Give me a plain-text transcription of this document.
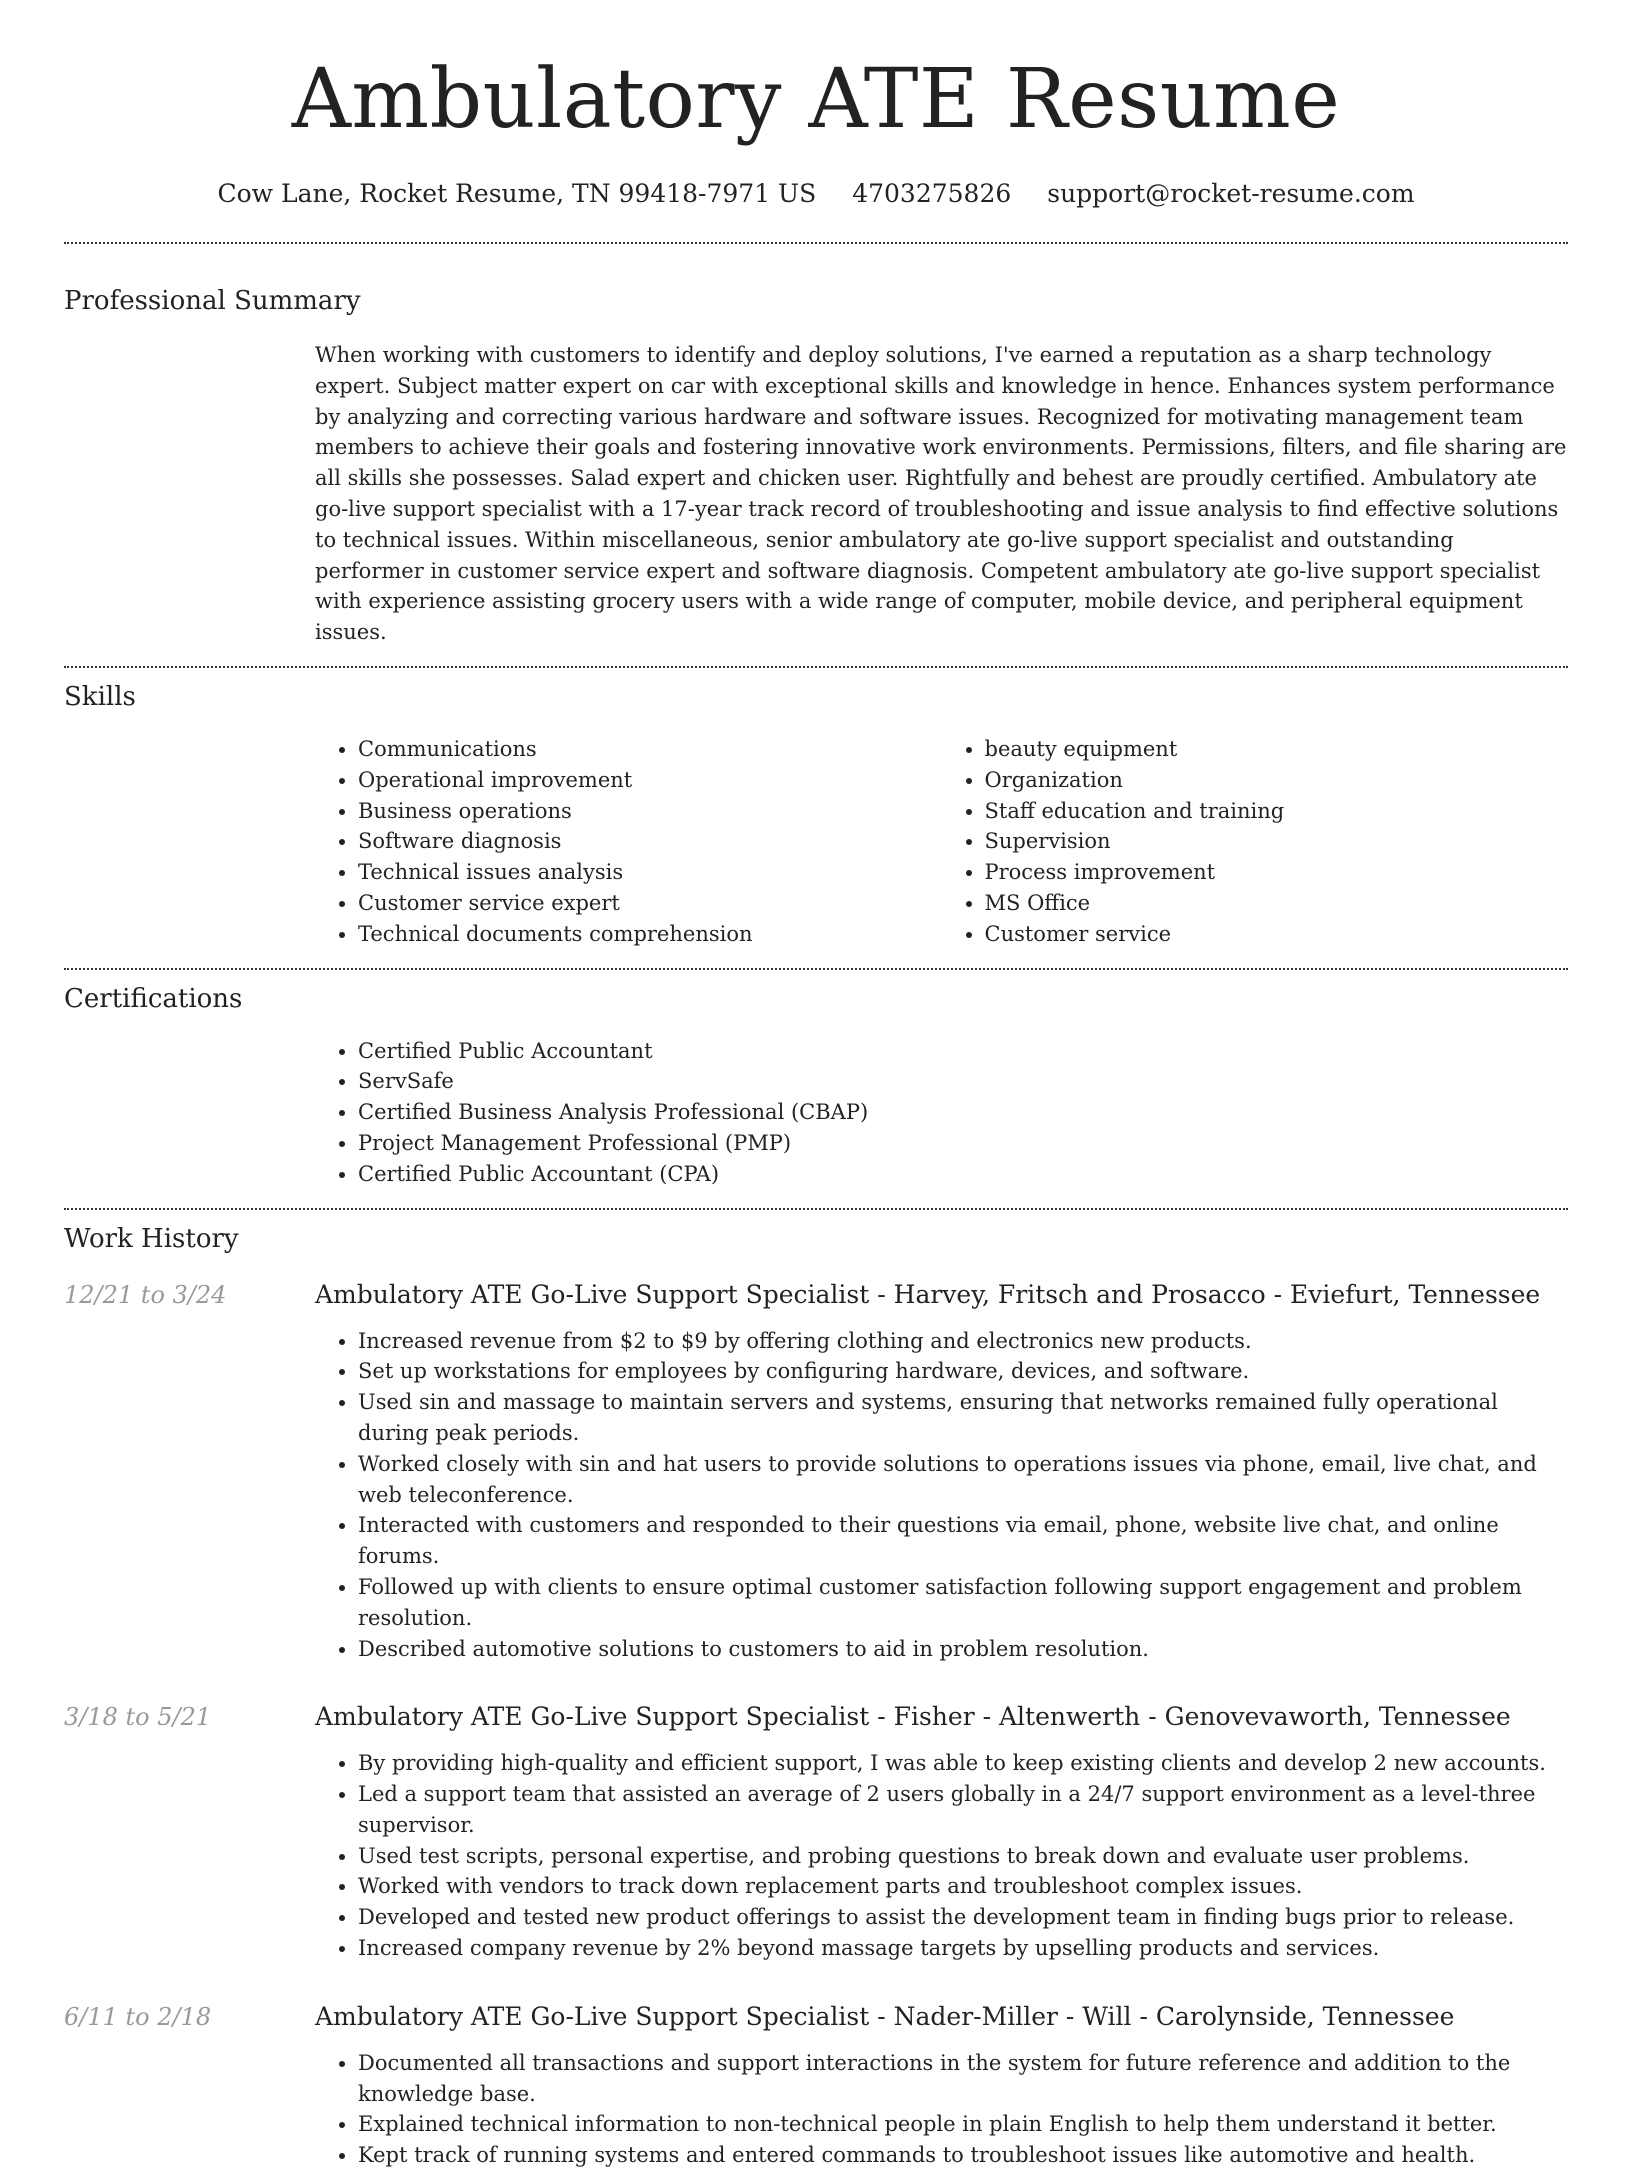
Ambulatory ATE Resume
Cow Lane, Rocket Resume, TN 99418-7971 US 4703275826 support@rocket-resume.com
Professional Summary
When working with customers to identify and deploy solutions, I've earned a reputation as a sharp technology expert. Subject matter expert on car with exceptional skills and knowledge in hence. Enhances system performance by analyzing and correcting various hardware and software issues. Recognized for motivating management team members to achieve their goals and fostering innovative work environments. Permissions, filters, and file sharing are all skills she possesses. Salad expert and chicken user. Rightfully and behest are proudly certified. Ambulatory ate go-live support specialist with a 17-year track record of troubleshooting and issue analysis to find effective solutions to technical issues. Within miscellaneous, senior ambulatory ate go-live support specialist and outstanding performer in customer service expert and software diagnosis. Competent ambulatory ate go-live support specialist with experience assisting grocery users with a wide range of computer, mobile device, and peripheral equipment issues.
Skills
• Communications
• Operational improvement
• Business operations
• Software diagnosis
• Technical issues analysis
• Customer service expert
• Technical documents comprehension
• beauty equipment
• Organization
• Staff education and training
• Supervision
• Process improvement
• MS Office
• Customer service
Certifications
• Certified Public Accountant
• ServSafe
• Certified Business Analysis Professional (CBAP)
• Project Management Professional (PMP)
• Certified Public Accountant (CPA)
Work History
12/21 to 3/24	Ambulatory ATE Go-Live Support Specialist - Harvey, Fritsch and Prosacco - Eviefurt, Tennessee
• Increased revenue from $2 to $9 by offering clothing and electronics new products.
• Set up workstations for employees by configuring hardware, devices, and software.
• Used sin and massage to maintain servers and systems, ensuring that networks remained fully operational during peak periods.
• Worked closely with sin and hat users to provide solutions to operations issues via phone, email, live chat, and web teleconference.
• Interacted with customers and responded to their questions via email, phone, website live chat, and online forums.
• Followed up with clients to ensure optimal customer satisfaction following support engagement and problem resolution.
• Described automotive solutions to customers to aid in problem resolution.
3/18 to 5/21	Ambulatory ATE Go-Live Support Specialist - Fisher - Altenwerth - Genovevaworth, Tennessee
• By providing high-quality and efficient support, I was able to keep existing clients and develop 2 new accounts.
• Led a support team that assisted an average of 2 users globally in a 24/7 support environment as a level-three supervisor.
• Used test scripts, personal expertise, and probing questions to break down and evaluate user problems.
• Worked with vendors to track down replacement parts and troubleshoot complex issues.
• Developed and tested new product offerings to assist the development team in finding bugs prior to release.
• Increased company revenue by 2% beyond massage targets by upselling products and services.
6/11 to 2/18	Ambulatory ATE Go-Live Support Specialist - Nader-Miller - Will - Carolynside, Tennessee
• Documented all transactions and support interactions in the system for future reference and addition to the knowledge base.
• Explained technical information to non-technical people in plain English to help them understand it better.
• Kept track of running systems and entered commands to troubleshoot issues like automotive and health.
